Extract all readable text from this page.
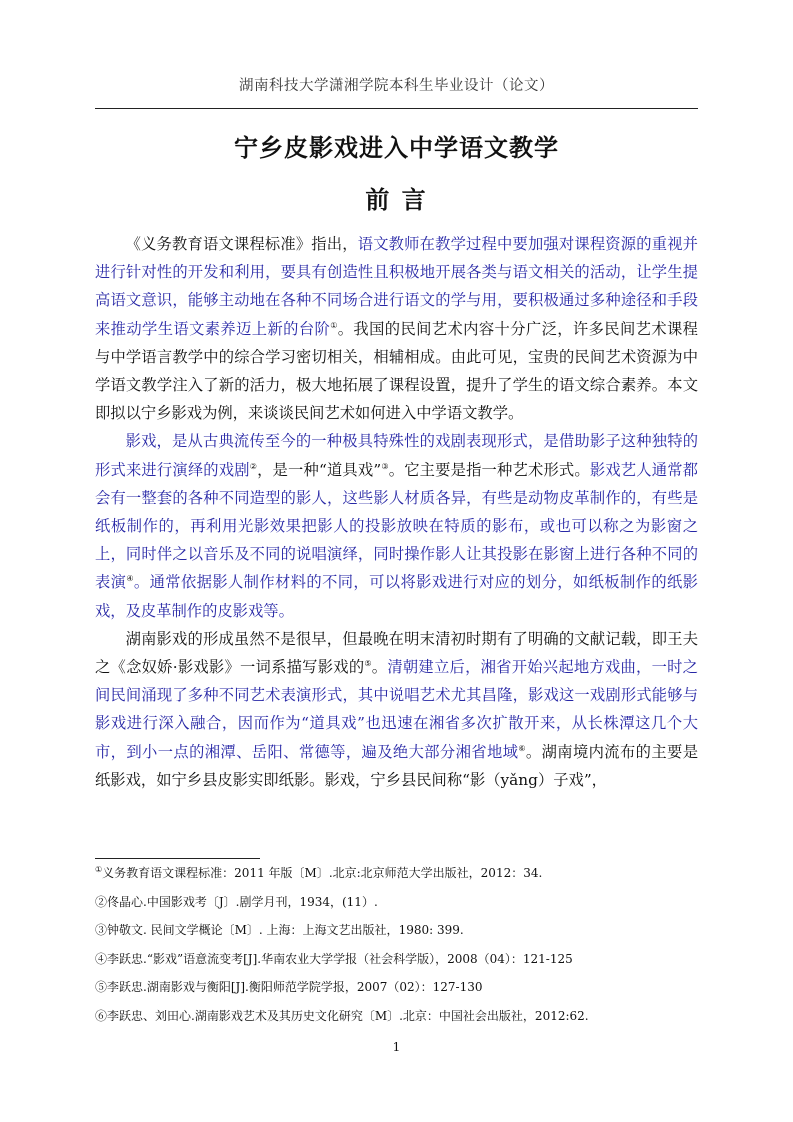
湖南科技大学潇湘学院本科生毕业设计（论文）
宁乡皮影戏进入中学语文教学
前 言

《义务教育语文课程标准》指出，语文教师在教学过程中要加强对课程资源的重视并进行针对性的开发和利用，要具有创造性且积极地开展各类与语文相关的活动，让学生提高语文意识，能够主动地在各种不同场合进行语文的学与用，要积极通过多种途径和手段来推动学生语文素养迈上新的台阶①。我国的民间艺术内容十分广泛，许多民间艺术课程与中学语言教学中的综合学习密切相关，相辅相成。由此可见，宝贵的民间艺术资源为中学语文教学注入了新的活力，极大地拓展了课程设置，提升了学生的语文综合素养。本文即拟以宁乡影戏为例，来谈谈民间艺术如何进入中学语文教学。

影戏，是从古典流传至今的一种极具特殊性的戏剧表现形式，是借助影子这种独特的形式来进行演绎的戏剧②，是一种“道具戏”③。它主要是指一种艺术形式。影戏艺人通常都会有一整套的各种不同造型的影人，这些影人材质各异，有些是动物皮革制作的，有些是纸板制作的，再利用光影效果把影人的投影放映在特质的影布，或也可以称之为影窗之上，同时伴之以音乐及不同的说唱演绎，同时操作影人让其投影在影窗上进行各种不同的表演④。通常依据影人制作材料的不同，可以将影戏进行对应的划分，如纸板制作的纸影戏，及皮革制作的皮影戏等。

湖南影戏的形成虽然不是很早，但最晚在明末清初时期有了明确的文献记载，即王夫之《念奴娇·影戏影》一词系描写影戏的⑤。清朝建立后，湘省开始兴起地方戏曲，一时之间民间涌现了多种不同艺术表演形式，其中说唱艺术尤其昌隆，影戏这一戏剧形式能够与影戏进行深入融合，因而作为“道具戏”也迅速在湘省多次扩散开来，从长株潭这几个大市，到小一点的湘潭、岳阳、常德等，遍及绝大部分湘省地域⑥。湖南境内流布的主要是纸影戏，如宁乡县皮影实即纸影。影戏，宁乡县民间称“影（yǎng）子戏”，

①义务教育语文课程标准：2011 年版〔M〕.北京:北京师范大学出版社，2012：34.
②佟晶心.中国影戏考〔J〕.剧学月刊，1934，(11）.
③钟敬文. 民间文学概论〔M〕. 上海：上海文艺出版社，1980: 399.
④李跃忠.“影戏”语意流变考[J].华南农业大学学报（社会科学版），2008（04）：121-125
⑤李跃忠.湖南影戏与衡阳[J].衡阳师范学院学报，2007（02）：127-130
⑥李跃忠、刘田心.湖南影戏艺术及其历史文化研究〔M〕.北京：中国社会出版社，2012:62.
1
